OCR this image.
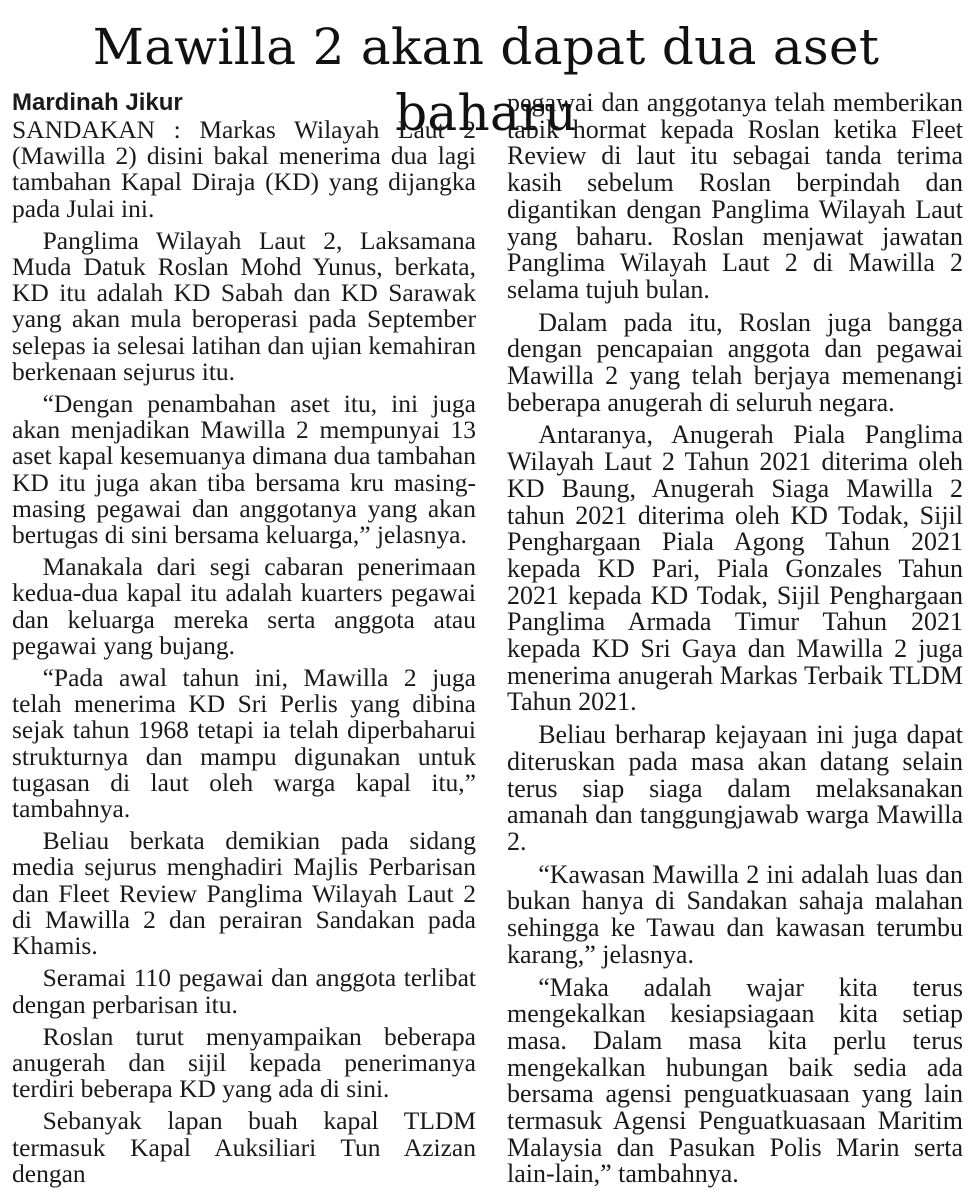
Mawilla 2 akan dapat dua aset baharu
Mardinah Jikur

SANDAKAN : Markas Wilayah Laut 2 (Mawilla 2) disini bakal menerima dua lagi tambahan Kapal Diraja (KD) yang dijangka pada Julai ini.

Panglima Wilayah Laut 2, Laksamana Muda Datuk Roslan Mohd Yunus, berkata, KD itu adalah KD Sabah dan KD Sarawak yang akan mula beroperasi pada September selepas ia selesai latihan dan ujian kemahiran berkenaan sejurus itu.

“Dengan penambahan aset itu, ini juga akan menjadikan Mawilla 2 mempunyai 13 aset kapal kesemuanya dimana dua tambahan KD itu juga akan tiba bersama kru masing-masing pegawai dan anggotanya yang akan bertugas di sini bersama keluarga,” jelasnya.

Manakala dari segi cabaran penerimaan kedua-dua kapal itu adalah kuarters pegawai dan keluarga mereka serta anggota atau pegawai yang bujang.

“Pada awal tahun ini, Mawilla 2 juga telah menerima KD Sri Perlis yang dibina sejak tahun 1968 tetapi ia telah diperbaharui strukturnya dan mampu digunakan untuk tugasan di laut oleh warga kapal itu,” tambahnya.

Beliau berkata demikian pada sidang media sejurus menghadiri Majlis Perbarisan dan Fleet Review Panglima Wilayah Laut 2 di Mawilla 2 dan perairan Sandakan pada Khamis.

Seramai 110 pegawai dan anggota terlibat dengan perbarisan itu.

Roslan turut menyampaikan beberapa anugerah dan sijil kepada penerimanya terdiri beberapa KD yang ada di sini.

Sebanyak lapan buah kapal TLDM termasuk Kapal Auksiliari Tun Azizan dengan

pegawai dan anggotanya telah memberikan tabik hormat kepada Roslan ketika Fleet Review di laut itu sebagai tanda terima kasih sebelum Roslan berpindah dan digantikan dengan Panglima Wilayah Laut yang baharu. Roslan menjawat jawatan Panglima Wilayah Laut 2 di Mawilla 2 selama tujuh bulan.

Dalam pada itu, Roslan juga bangga dengan pencapaian anggota dan pegawai Mawilla 2 yang telah berjaya memenangi beberapa anugerah di seluruh negara.

Antaranya, Anugerah Piala Panglima Wilayah Laut 2 Tahun 2021 diterima oleh KD Baung, Anugerah Siaga Mawilla 2 tahun 2021 diterima oleh KD Todak, Sijil Penghargaan Piala Agong Tahun 2021 kepada KD Pari, Piala Gonzales Tahun 2021 kepada KD Todak, Sijil Penghargaan Panglima Armada Timur Tahun 2021 kepada KD Sri Gaya dan Mawilla 2 juga menerima anugerah Markas Terbaik TLDM Tahun 2021.

Beliau berharap kejayaan ini juga dapat diteruskan pada masa akan datang selain terus siap siaga dalam melaksanakan amanah dan tanggungjawab warga Mawilla 2.

“Kawasan Mawilla 2 ini adalah luas dan bukan hanya di Sandakan sahaja malahan sehingga ke Tawau dan kawasan terumbu karang,” jelasnya.

“Maka adalah wajar kita terus mengekalkan kesiapsiagaan kita setiap masa. Dalam masa kita perlu terus mengekalkan hubungan baik sedia ada bersama agensi penguatkuasaan yang lain termasuk Agensi Penguatkuasaan Maritim Malaysia dan Pasukan Polis Marin serta lain-lain,” tambahnya.
